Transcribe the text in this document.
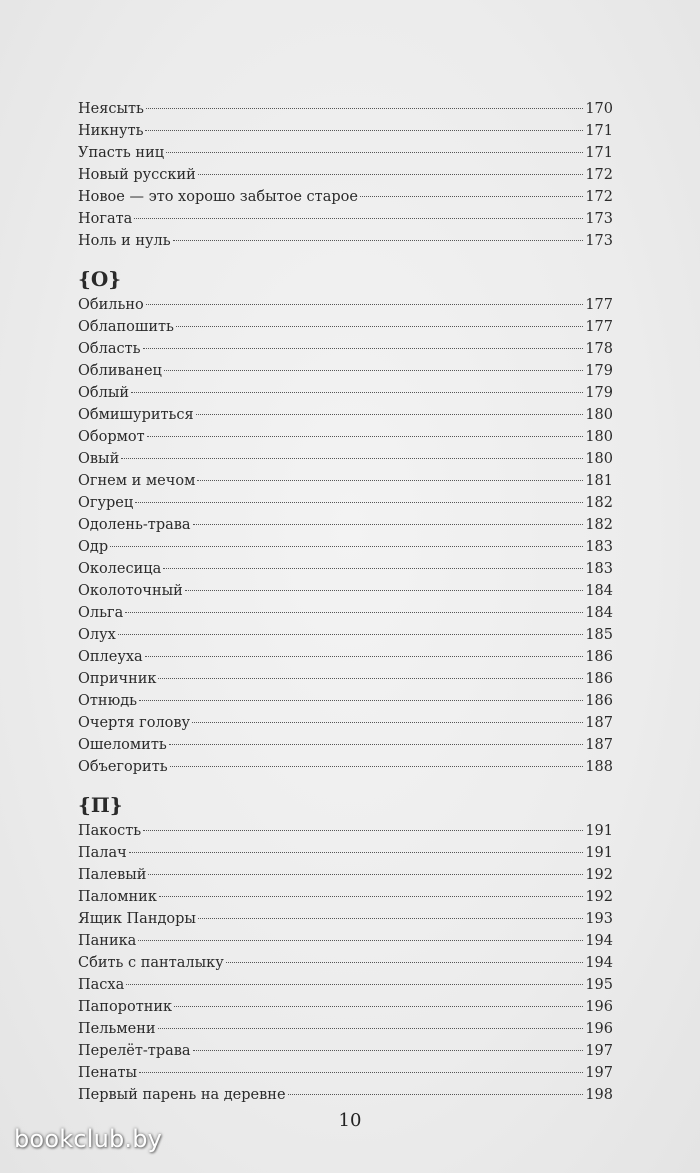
Неясыть	170
Никнуть	171
Упасть ниц	171
Новый русский	172
Новое — это хорошо забытое старое	172
Ногата	173
Ноль и нуль	173
{О}
Обильно	177
Облапошить	177
Область	178
Обливанец	179
Облый	179
Обмишуриться	180
Обормот	180
Овый	180
Огнем и мечом	181
Огурец	182
Одолень-трава	182
Одр	183
Околесица	183
Околоточный	184
Ольга	184
Олух	185
Оплеуха	186
Опричник	186
Отнюдь	186
Очертя голову	187
Ошеломить	187
Объегорить	188
{П}
Пакость	191
Палач	191
Палевый	192
Паломник	192
Ящик Пандоры	193
Паника	194
Сбить с панталыку	194
Пасха	195
Папоротник	196
Пельмени	196
Перелёт-трава	197
Пенаты	197
Первый парень на деревне	198
10
bookclub.by
